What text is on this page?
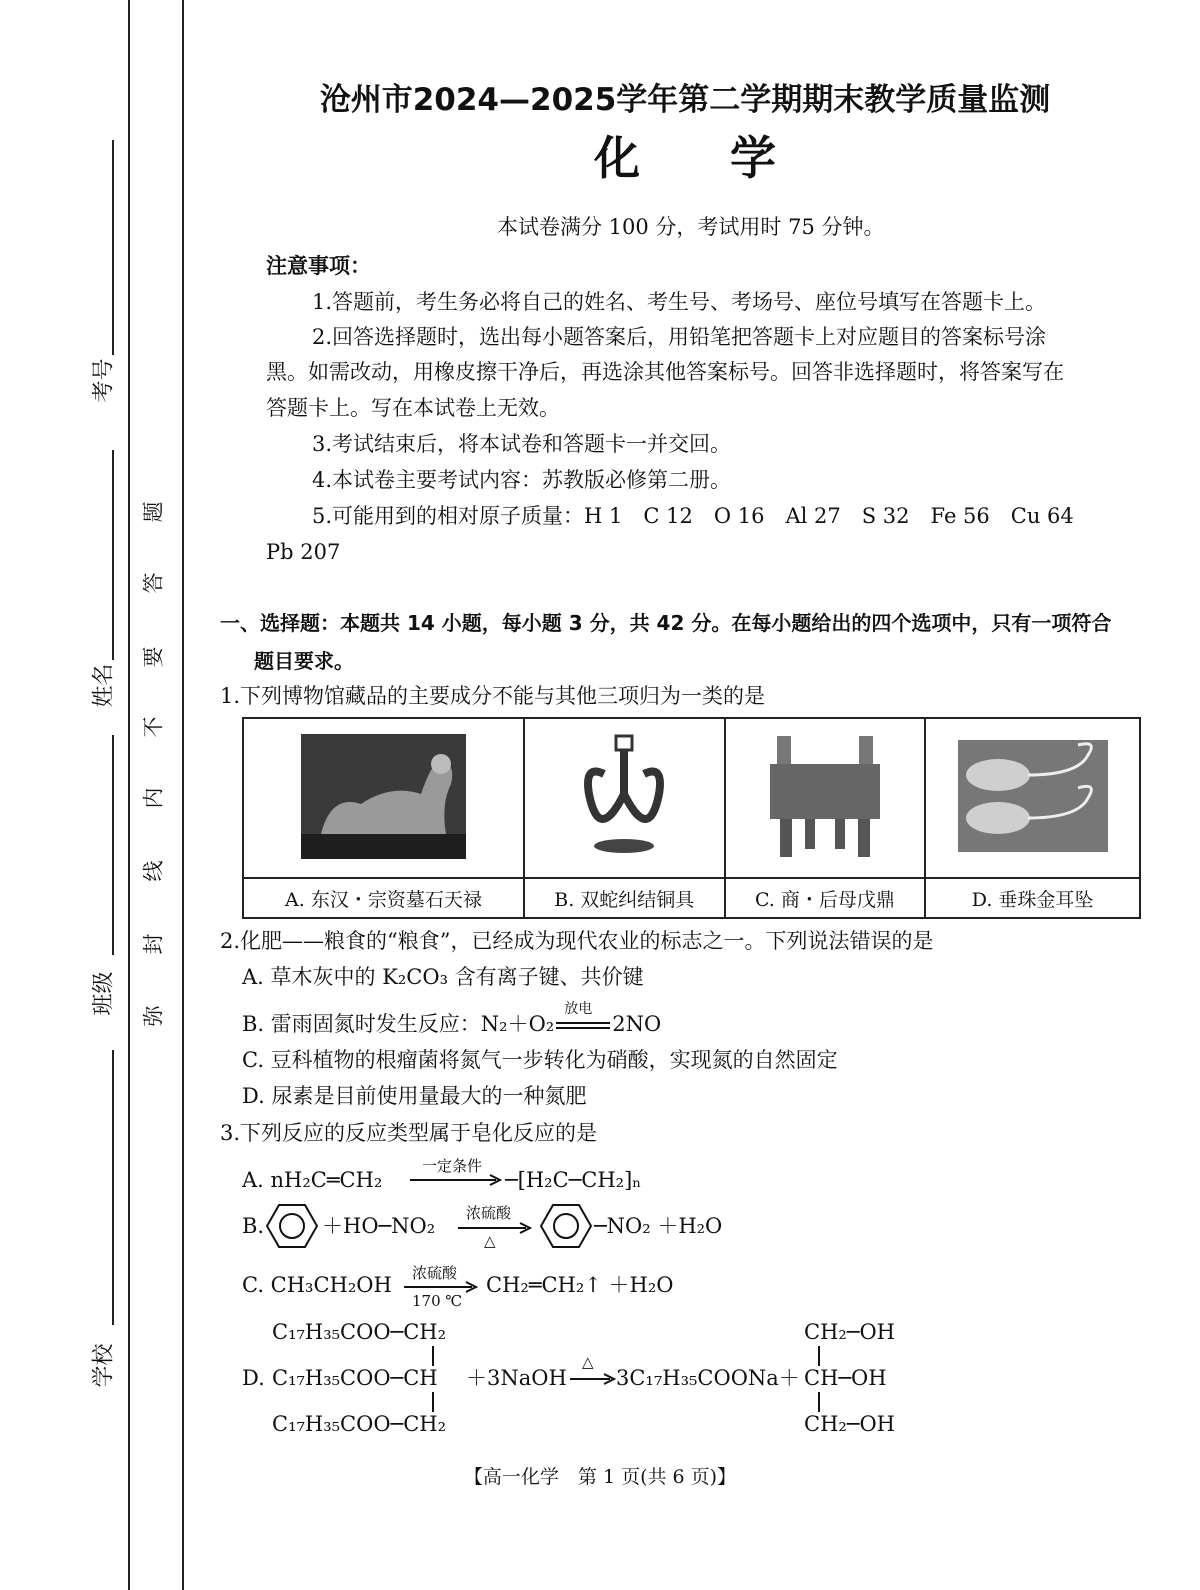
考号
姓名
班级
学校
题
答
要
不
内
线
封
弥
沧州市2024—2025学年第二学期期末教学质量监测
化学
本试卷满分 100 分，考试用时 75 分钟。
注意事项：
1.答题前，考生务必将自己的姓名、考生号、考场号、座位号填写在答题卡上。
2.回答选择题时，选出每小题答案后，用铅笔把答题卡上对应题目的答案标号涂
黑。如需改动，用橡皮擦干净后，再选涂其他答案标号。回答非选择题时，将答案写在
答题卡上。写在本试卷上无效。
3.考试结束后，将本试卷和答题卡一并交回。
4.本试卷主要考试内容：苏教版必修第二册。
5.可能用到的相对原子质量：H 1　C 12　O 16　Al 27　S 32　Fe 56　Cu 64
Pb 207
一、选择题：本题共 14 小题，每小题 3 分，共 42 分。在每小题给出的四个选项中，只有一项符合
题目要求。
1.下列博物馆藏品的主要成分不能与其他三项归为一类的是

A. 东汉・宗资墓石天禄	B. 双蛇纠结铜具	C. 商・后母戊鼎	D. 垂珠金耳坠
2.化肥——粮食的“粮食”，已经成为现代农业的标志之一。下列说法错误的是
A. 草木灰中的 K₂CO₃ 含有离子键、共价键
B. 雷雨固氮时发生反应：N₂＋O₂
放电
2NO
C. 豆科植物的根瘤菌将氮气一步转化为硝酸，实现氮的自然固定
D. 尿素是目前使用量最大的一种氮肥
3.下列反应的反应类型属于皂化反应的是
A. nH₂C═CH₂
一定条件
─[H₂C─CH₂]ₙ
B.	＋HO─NO₂
浓硫酸
△
─NO₂ ＋H₂O
C. CH₃CH₂OH 浓硫酸
170 ℃
CH₂═CH₂↑ ＋H₂O
C₁₇H₃₅COO─CH₂
D. C₁₇H₃₅COO─CH
C₁₇H₃₅COO─CH₂
＋3NaOH
△
3C₁₇H₃₅COONa＋
CH₂─OH
CH─OH
CH₂─OH
【高一化学　第 1 页(共 6 页)】
